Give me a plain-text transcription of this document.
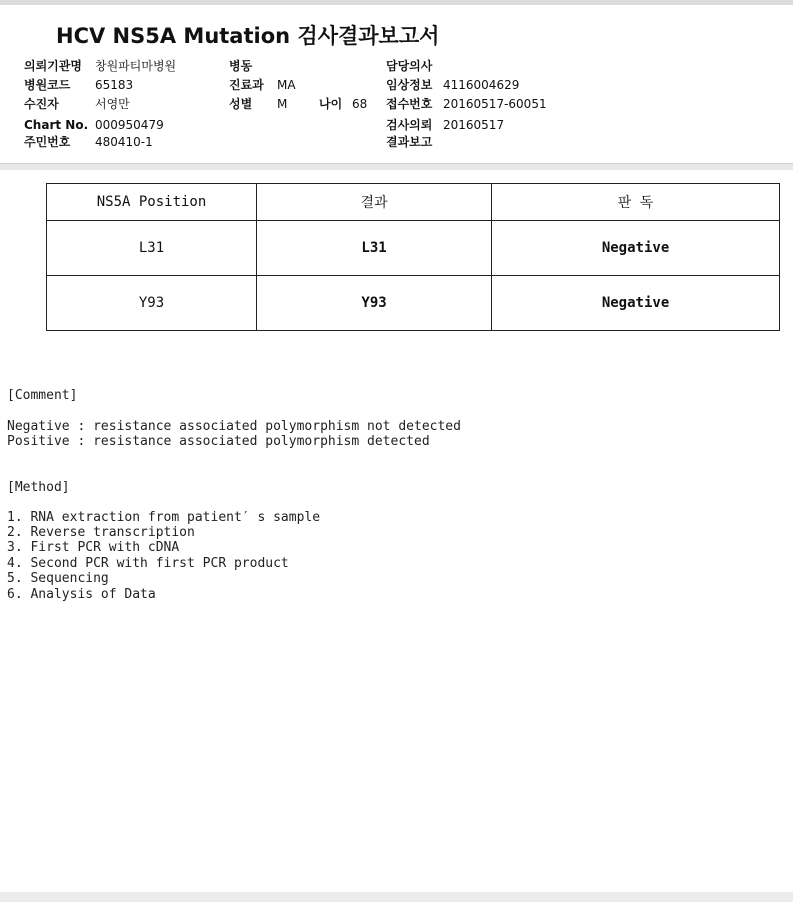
HCV NS5A Mutation 검사결과보고서
의뢰기관명 창원파티마병원
병원코드 65183
수진자	서영만
Chart No. 000950479
주민번호 480410-1
병동
진료과 MA
성별 M	나이 68
담당의사
임상정보 4116004629
접수번호 20160517-60051
검사의뢰 20160517
결과보고
NS5A Position	결과	판 독
L31	L31	Negative
Y93	Y93	Negative
[Comment]
Negative : resistance associated polymorphism not detected
Positive : resistance associated polymorphism detected
[Method]
1. RNA extraction from patient′ s sample
2. Reverse transcription
3. First PCR with cDNA
4. Second PCR with first PCR product
5. Sequencing
6. Analysis of Data
